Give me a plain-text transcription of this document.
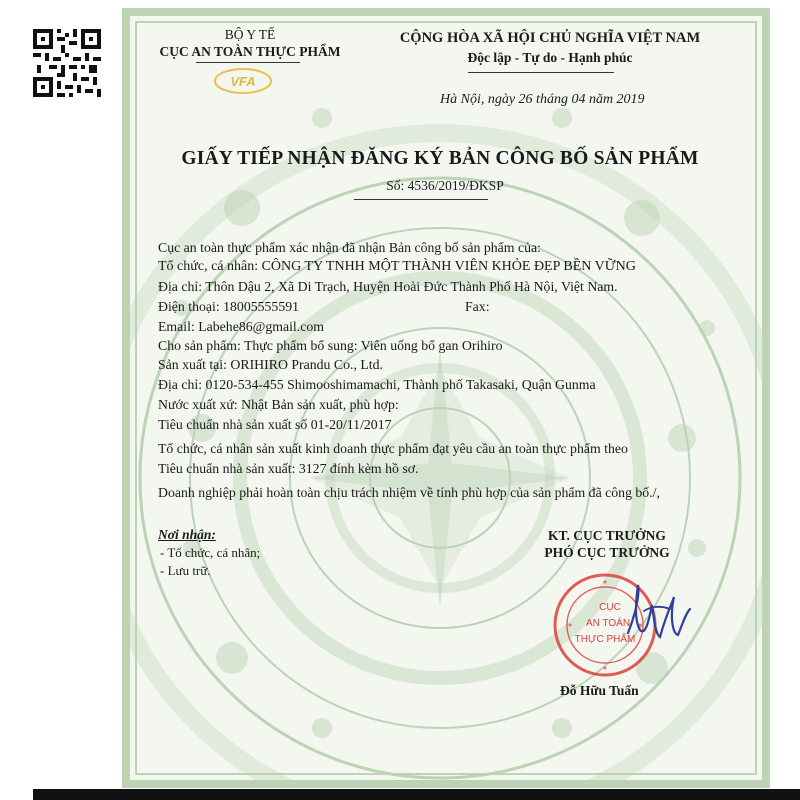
BỘ Y TẾ
CỤC AN TOÀN THỰC PHẨM
VFA
CỘNG HÒA XÃ HỘI CHỦ NGHĨA VIỆT NAM
Độc lập - Tự do - Hạnh phúc
Hà Nội, ngày 26 tháng 04 năm 2019
GIẤY TIẾP NHẬN ĐĂNG KÝ BẢN CÔNG BỐ SẢN PHẨM
Số: 4536/2019/ĐKSP
Cục an toàn thực phẩm xác nhận đã nhận Bản công bố sản phẩm của:
Tổ chức, cá nhân: CÔNG TY TNHH MỘT THÀNH VIÊN KHỎE ĐẸP BỀN VỮNG
Địa chỉ: Thôn Dậu 2, Xã Di Trạch, Huyện Hoài Đức Thành Phố Hà Nội, Việt Nam.
Điện thoại: 18005555591	Fax:
Email: Labehe86@gmail.com
Cho sản phẩm: Thực phẩm bổ sung: Viên uống bổ gan Orihiro
Sản xuất tại: ORIHIRO Prandu Co., Ltd.
Địa chỉ: 0120-534-455 Shimooshimamachi, Thành phố Takasaki, Quận Gunma
Nước xuất xứ: Nhật Bản sản xuất, phù hợp:
Tiêu chuẩn nhà sản xuất số 01-20/11/2017
Tổ chức, cá nhân sản xuất kinh doanh thực phẩm đạt yêu cầu an toàn thực phẩm theo
Tiêu chuẩn nhà sản xuất: 3127 đính kèm hồ sơ.
Doanh nghiệp phải hoàn toàn chịu trách nhiệm về tính phù hợp của sản phẩm đã công bố./,
Nơi nhận:
- Tổ chức, cá nhân;
- Lưu trữ.
KT. CỤC TRƯỞNG
PHÓ CỤC TRƯỞNG
CỤC
AN TOÀN
THỰC PHẨM
Đỗ Hữu Tuấn
